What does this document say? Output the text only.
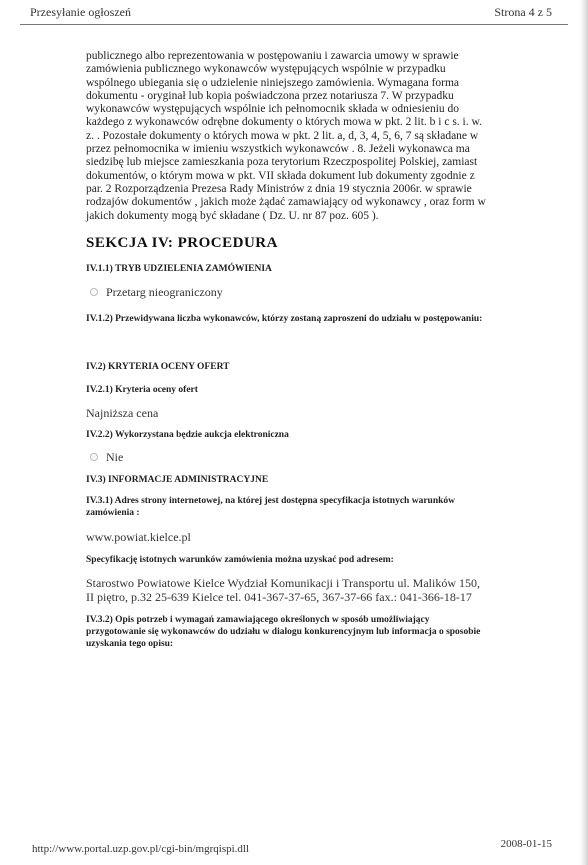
Przesyłanie ogłoszeń	Strona 4 z 5

publicznego albo reprezentowania w postępowaniu i zawarcia umowy w sprawie zamówienia publicznego wykonawców występujących wspólnie w przypadku wspólnego ubiegania się o udzielenie niniejszego zamówienia. Wymagana forma dokumentu - oryginał lub kopia poświadczona przez notariusza 7. W przypadku wykonawców występujących wspólnie ich pełnomocnik składa w odniesieniu do każdego z wykonawców odrębne dokumenty o których mowa w pkt. 2 lit. b i c s. i. w. z. . Pozostałe dokumenty o których mowa w pkt. 2 lit. a, d, 3, 4, 5, 6, 7 są składane w przez pełnomocnika w imieniu wszystkich wykonawców . 8. Jeżeli wykonawca ma siedzibę lub miejsce zamieszkania poza terytorium Rzeczpospolitej Polskiej, zamiast dokumentów, o którym mowa w pkt. VII składa dokument lub dokumenty zgodnie z par. 2 Rozporządzenia Prezesa Rady Ministrów z dnia 19 stycznia 2006r. w sprawie rodzajów dokumentów , jakich może żądać zamawiający od wykonawcy , oraz form w jakich dokumenty mogą być składane ( Dz. U. nr 87 poz. 605 ).

SEKCJA IV: PROCEDURA

IV.1.1) TRYB UDZIELENIA ZAMÓWIENIA

Przetarg nieograniczony

IV.1.2) Przewidywana liczba wykonawców, którzy zostaną zaproszeni do udziału w postępowaniu:

IV.2) KRYTERIA OCENY OFERT

IV.2.1) Kryteria oceny ofert

Najniższa cena

IV.2.2) Wykorzystana będzie aukcja elektroniczna

Nie

IV.3) INFORMACJE ADMINISTRACYJNE

IV.3.1) Adres strony internetowej, na której jest dostępna specyfikacja istotnych warunków zamówienia :

www.powiat.kielce.pl

Specyfikację istotnych warunków zamówienia można uzyskać pod adresem:

Starostwo Powiatowe Kielce Wydział Komunikacji i Transportu ul. Malików 150, II piętro, p.32 25-639 Kielce tel. 041-367-37-65, 367-37-66 fax.: 041-366-18-17

IV.3.2) Opis potrzeb i wymagań zamawiającego określonych w sposób umożliwiający przygotowanie się wykonawców do udziału w dialogu konkurencyjnym lub informacja o sposobie uzyskania tego opisu:

http://www.portal.uzp.gov.pl/cgi-bin/mgrqispi.dll	2008-01-15
